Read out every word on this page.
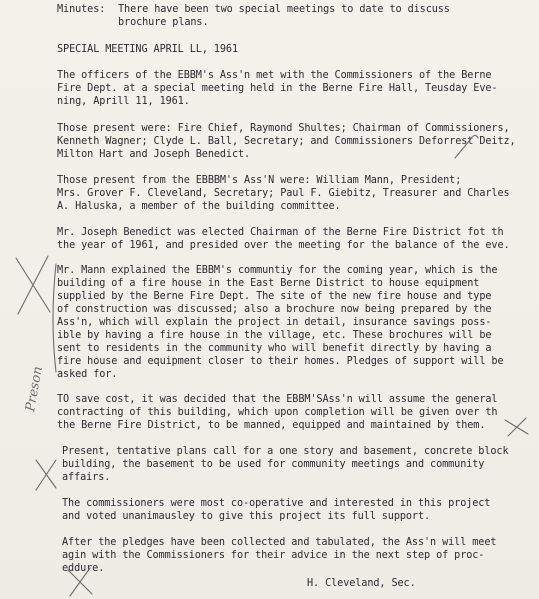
Minutes: There have been two special meetings to date to discuss
brochure plans.
SPECIAL MEETING APRIL LL, 1961
The officers of the EBBM's Ass'n met with the Commissioners of the Berne
Fire Dept. at a special meeting held in the Berne Fire Hall, Teusday Eve-
ning, Aprill 11, 1961.
Those present were: Fire Chief, Raymond Shultes; Chairman of Commissioners,
Kenneth Wagner; Clyde L. Ball, Secretary; and Commissioners Deforrest Deitz,
Milton Hart and Joseph Benedict.
Those present from the EBBBM's Ass'N were: William Mann, President;
Mrs. Grover F. Cleveland, Secretary; Paul F. Giebitz, Treasurer and Charles
A. Haluska, a member of the building committee.
Mr. Joseph Benedict was elected Chairman of the Berne Fire District fot th
the year of 1961, and presided over the meeting for the balance of the eve.
Mr. Mann explained the EBBM's communtiy for the coming year, which is the
building of a fire house in the East Berne District to house equipment
supplied by the Berne Fire Dept. The site of the new fire house and type
of construction was discussed; also a brochure now being prepared by the
Ass'n, which will explain the project in detail, insurance savings poss-
ible by having a fire house in the village, etc. These brochures will be
sent to residents in the community who will benefit directly by having a
fire house and equipment closer to their homes. Pledges of support will be
asked for.
TO save cost, it was decided that the EBBM'SAss'n will assume the general
contracting of this building, which upon completion will be given over th
the Berne Fire District, to be manned, equipped and maintained by them.
Present, tentative plans call for a one story and basement, concrete block
building, the basement to be used for community meetings and community
affairs.
The commissioners were most co-operative and interested in this project
and voted unanimausley to give this project its full support.
After the pledges have been collected and tabulated, the Ass'n will meet
agin with the Commissioners for their advice in the next step of proc-
eddure.
H. Cleveland, Sec.
Preson
